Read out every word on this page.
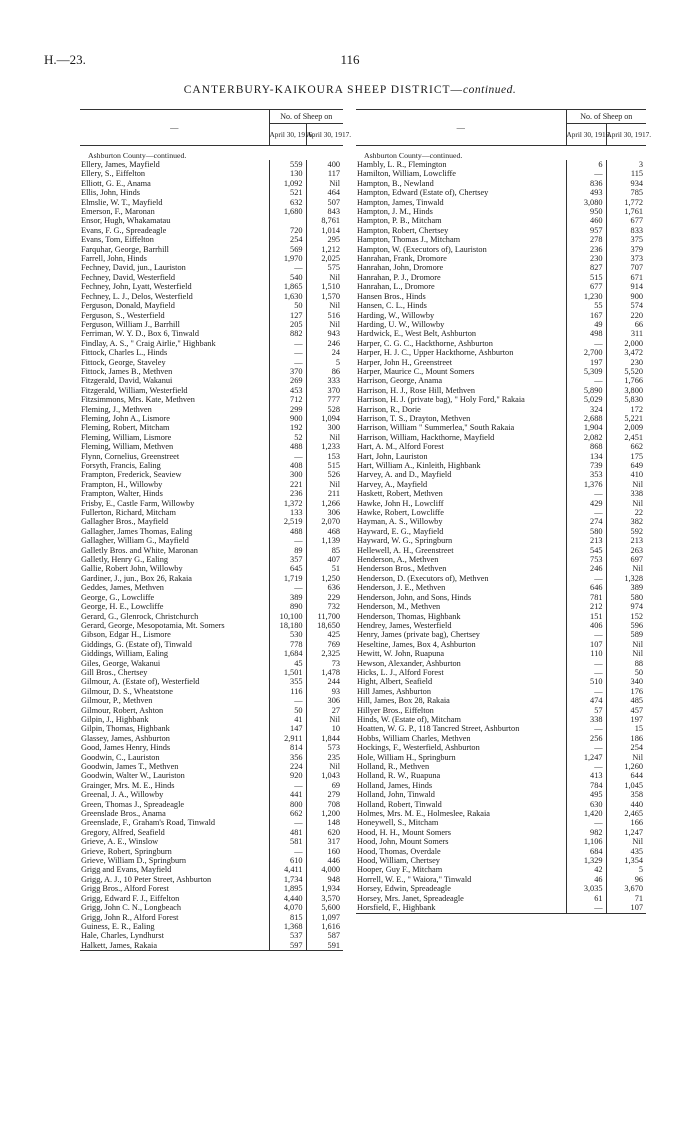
H.—23.	116
CANTERBURY-KAIKOURA SHEEP DISTRICT—continued.
—	No. of Sheep on	
	April 30, 1916.	April 30, 1917.
Ashburton County—continued.		
Ellery, James, Mayfield	559	400
Ellery, S., Eiffelton	130	117
Elliott, G. E., Anama	1,092	Nil
Ellis, John, Hinds	521	464
Elmslie, W. T., Mayfield	632	507
Emerson, F., Maronan	1,680	843
Ensor, Hugh, Whakamatau		8,761
Evans, F. G., Spreadeagle	720	1,014
Evans, Tom, Eiffelton	254	295
Farquhar, George, Barrhill	569	1,212
Farrell, John, Hinds	1,970	2,025
Fechney, David, jun., Lauriston	—	575
Fechney, David, Westerfield	540	Nil
Fechney, John, Lyatt, Westerfield	1,865	1,510
Fechney, L. J., Delos, Westerfield	1,630	1,570
Ferguson, Donald, Mayfield	50	Nil
Ferguson, S., Westerfield	127	516
Ferguson, William J., Barrhill	205	Nil
Ferriman, W. Y. D., Box 6, Tinwald	882	943
Findlay, A. S., " Craig Airlie," Highbank	—	246
Fittock, Charles L., Hinds	—	24
Fittock, George, Staveley	—	5
Fittock, James B., Methven	370	86
Fitzgerald, David, Wakanui	269	333
Fitzgerald, William, Westerfield	453	370
Fitzsimmons, Mrs. Kate, Methven	712	777
Fleming, J., Methven	299	528
Fleming, John A., Lismore	900	1,094
Fleming, Robert, Mitcham	192	300
Fleming, William, Lismore	52	Nil
Fleming, William, Methven	488	1,233
Flynn, Cornelius, Greenstreet	—	153
Forsyth, Francis, Ealing	408	515
Frampton, Frederick, Seaview	300	526
Frampton, H., Willowby	221	Nil
Frampton, Walter, Hinds	236	211
Frisby, E., Castle Farm, Willowby	1,372	1,266
Fullerton, Richard, Mitcham	133	306
Gallagher Bros., Mayfield	2,519	2,070
Gallagher, James Thomas, Ealing	488	468
Gallagher, William G., Mayfield	—	1,139
Galletly Bros. and White, Maronan	89	85
Galletly, Henry G., Ealing	357	407
Gallie, Robert John, Willowby	645	51
Gardiner, J., jun., Box 26, Rakaia	1,719	1,250
Geddes, James, Methven	—	636
George, G., Lowcliffe	389	229
George, H. E., Lowcliffe	890	732
Gerard, G., Glenrock, Christchurch	10,100	11,700
Gerard, George, Mesopotamia, Mt. Somers	18,180	18,650
Gibson, Edgar H., Lismore	530	425
Giddings, G. (Estate of), Tinwald	778	769
Giddings, William, Ealing	1,684	2,325
Giles, George, Wakanui	45	73
Gill Bros., Chertsey	1,501	1,478
Gilmour, A. (Estate of), Westerfield	355	244
Gilmour, D. S., Wheatstone	116	93
Gilmour, P., Methven	—	306
Gilmour, Robert, Ashton	50	27
Gilpin, J., Highbank	41	Nil
Gilpin, Thomas, Highbank	147	10
Glassey, James, Ashburton	2,911	1,844
Good, James Henry, Hinds	814	573
Goodwin, C., Lauriston	356	235
Goodwin, James T., Methven	224	Nil
Goodwin, Walter W., Lauriston	920	1,043
Grainger, Mrs. M. E., Hinds	—	69
Greenal, J. A., Willowby	441	279
Green, Thomas J., Spreadeagle	800	708
Greenslade Bros., Anama	662	1,200
Greenslade, F., Graham's Road, Tinwald	—	148
Gregory, Alfred, Seafield	481	620
Grieve, A. E., Winslow	581	317
Grieve, Robert, Springburn	—	160
Grieve, William D., Springburn	610	446
Grigg and Evans, Mayfield	4,411	4,000
Grigg, A. J., 10 Peter Street, Ashburton	1,734	948
Grigg Bros., Alford Forest	1,895	1,934
Grigg, Edward F. J., Eiffelton	4,440	3,570
Grigg, John C. N., Longbeach	4,070	5,600
Grigg, John R., Alford Forest	815	1,097
Guiness, E. R., Ealing	1,368	1,616
Hale, Charles, Lyndhurst	537	587
Halkett, James, Rakaia	597	591
—	No. of Sheep on	
	April 30, 1916.	April 30, 1917.
Ashburton County—continued.		
Hambly, L. R., Flemington	6	3
Hamilton, William, Lowcliffe	—	115
Hampton, B., Newland	836	934
Hampton, Edward (Estate of), Chertsey	493	785
Hampton, James, Tinwald	3,080	1,772
Hampton, J. M., Hinds	950	1,761
Hampton, P. B., Mitcham	460	677
Hampton, Robert, Chertsey	957	833
Hampton, Thomas J., Mitcham	278	375
Hampton, W. (Executors of), Lauriston	236	379
Hanrahan, Frank, Dromore	230	373
Hanrahan, John, Dromore	827	707
Hanrahan, P. J., Dromore	515	671
Hanrahan, L., Dromore	677	914
Hansen Bros., Hinds	1,230	900
Hansen, C. L., Hinds	55	574
Harding, W., Willowby	167	220
Harding, U. W., Willowby	49	66
Hardwick, E., West Belt, Ashburton	498	311
Harper, C. G. C., Hackthorne, Ashburton	—	2,000
Harper, H. J. C., Upper Hackthorne, Ashburton	2,700	3,472
Harper, John H., Greenstreet	197	230
Harper, Maurice C., Mount Somers	5,309	5,520
Harrison, George, Anama	—	1,766
Harrison, H. J., Rose Hill, Methven	5,890	3,800
Harrison, H. J. (private bag), " Holy Ford," Rakaia	5,029	5,830
Harrison, R., Dorie	324	172
Harrison, T. S., Drayton, Methven	2,688	5,221
Harrison, William " Summerlea," South Rakaia	1,904	2,009
Harrison, William, Hackthorne, Mayfield	2,082	2,451
Hart, A. M., Alford Forest	868	662
Hart, John, Lauriston	134	175
Hart, William A., Kinleith, Highbank	739	649
Harvey, A. and D., Mayfield	353	410
Harvey, A., Mayfield	1,376	Nil
Haskett, Robert, Methven	—	338
Hawke, John H., Lowcliff	429	Nil
Hawke, Robert, Lowcliffe	—	22
Hayman, A. S., Willowby	274	382
Hayward, E. G., Mayfield	580	592
Hayward, W. G., Springburn	213	213
Hellewell, A. H., Greenstreet	545	263
Henderson, A., Methven	753	697
Henderson Bros., Methven	246	Nil
Henderson, D. (Executors of), Methven	—	1,328
Henderson, J. E., Methven	646	389
Henderson, John, and Sons, Hinds	781	580
Henderson, M., Methven	212	974
Henderson, Thomas, Highbank	151	152
Hendrey, James, Westerfield	406	596
Henry, James (private bag), Chertsey	—	589
Heseltine, James, Box 4, Ashburton	107	Nil
Hewitt, W. John, Ruapuna	110	Nil
Hewson, Alexander, Ashburton	—	88
Hicks, L. J., Alford Forest	—	50
Hight, Albert, Seafield	510	340
Hill James, Ashburton	—	176
Hill, James, Box 28, Rakaia	474	485
Hillyer Bros., Eiffelton	57	457
Hinds, W. (Estate of), Mitcham	338	197
Hoatten, W. G. P., 118 Tancred Street, Ashburton	—	15
Hobbs, William Charles, Methven	256	186
Hockings, F., Westerfield, Ashburton	—	254
Hole, William H., Springburn	1,247	Nil
Holland, R., Methven	—	1,260
Holland, R. W., Ruapuna	413	644
Holland, James, Hinds	784	1,045
Holland, John, Tinwald	495	358
Holland, Robert, Tinwald	630	440
Holmes, Mrs. M. E., Holmeslee, Rakaia	1,420	2,465
Honeywell, S., Mitcham	—	166
Hood, H. H., Mount Somers	982	1,247
Hood, John, Mount Somers	1,106	Nil
Hood, Thomas, Overdale	684	435
Hood, William, Chertsey	1,329	1,354
Hooper, Guy F., Mitcham	42	5
Horrell, W. E., " Waiora," Tinwald	46	96
Horsey, Edwin, Spreadeagle	3,035	3,670
Horsey, Mrs. Janet, Spreadeagle	61	71
Horsfield, F., Highbank	—	107
